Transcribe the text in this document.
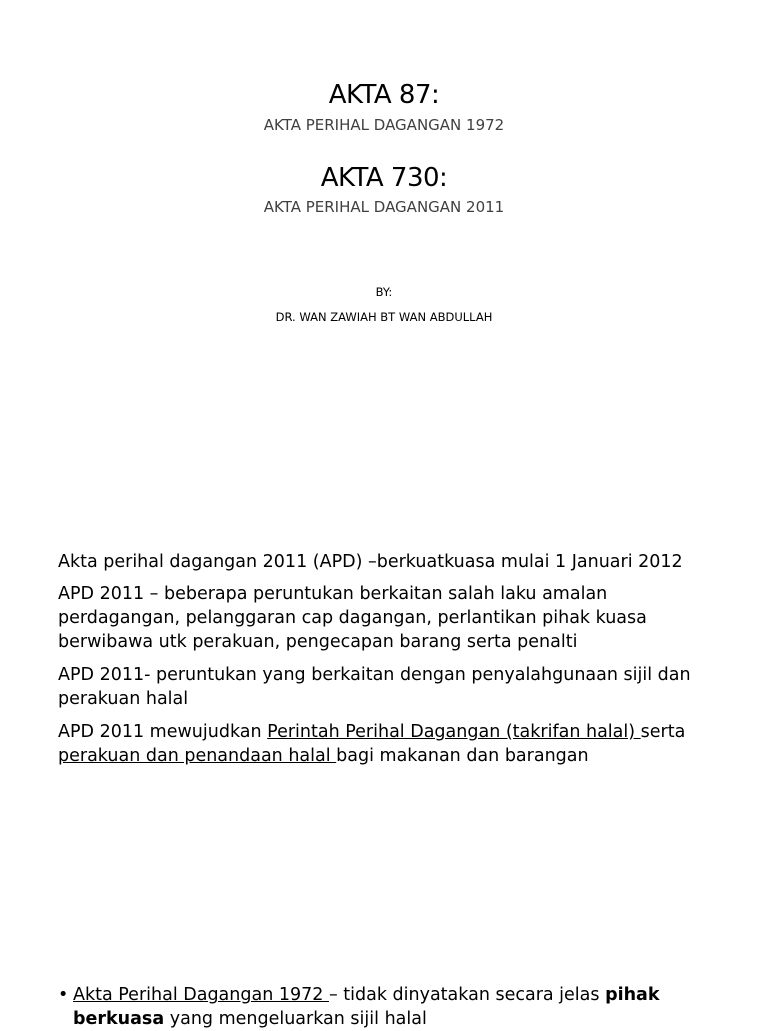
AKTA 87:

AKTA PERIHAL DAGANGAN 1972

AKTA 730:

AKTA PERIHAL DAGANGAN 2011

BY:

DR. WAN ZAWIAH BT WAN ABDULLAH

Akta perihal dagangan 2011 (APD) –berkuatkuasa mulai 1 Januari 2012

APD 2011 – beberapa peruntukan berkaitan salah laku amalan perdagangan, pelanggaran cap dagangan, perlantikan pihak kuasa berwibawa utk perakuan, pengecapan barang serta penalti

APD 2011- peruntukan yang berkaitan dengan penyalahgunaan sijil dan perakuan halal

APD 2011 mewujudkan Perintah Perihal Dagangan (takrifan halal) serta perakuan dan penandaan halal bagi makanan dan barangan

• Akta Perihal Dagangan 1972 – tidak dinyatakan secara jelas pihak berkuasa yang mengeluarkan sijil halal
